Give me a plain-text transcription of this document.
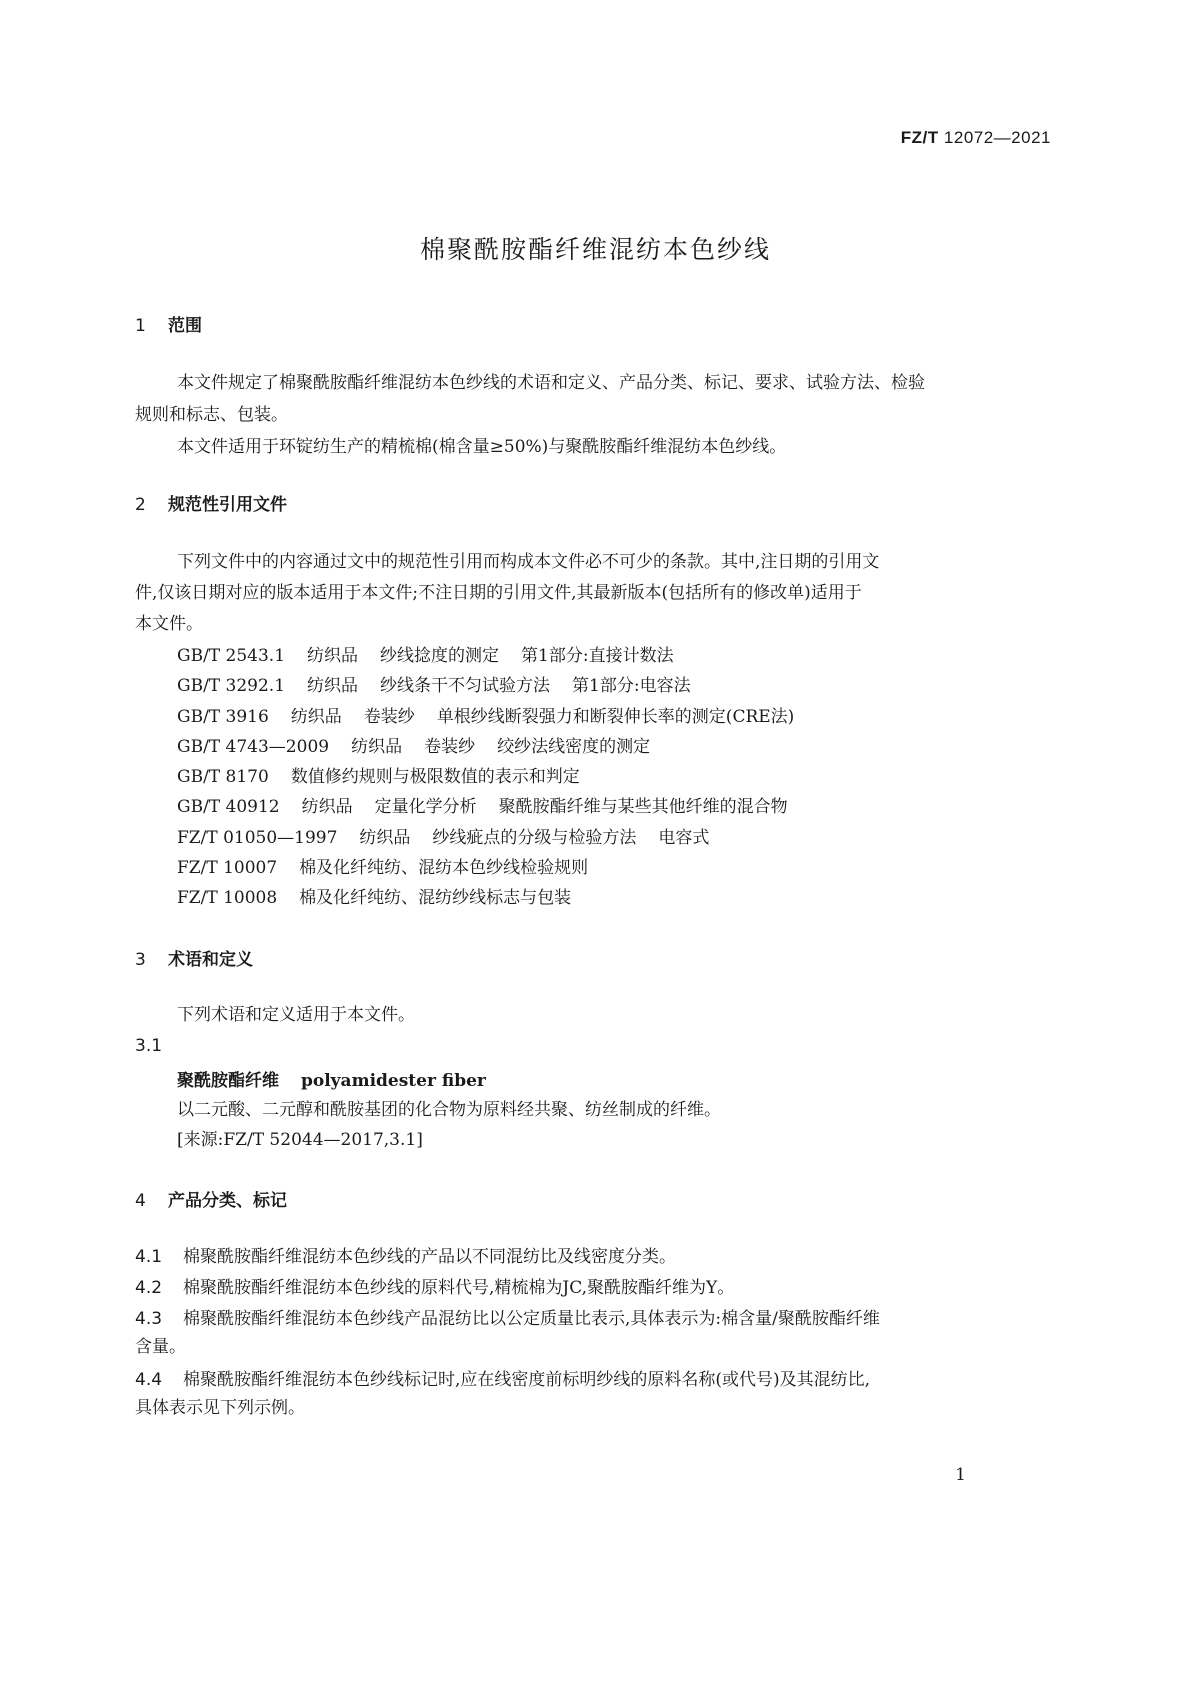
FZ/T 12072—2021
棉聚酰胺酯纤维混纺本色纱线
1 范围
本文件规定了棉聚酰胺酯纤维混纺本色纱线的术语和定义、产品分类、标记、要求、试验方法、检验
规则和标志、包装。
本文件适用于环锭纺生产的精梳棉(棉含量≥50%)与聚酰胺酯纤维混纺本色纱线。
2 规范性引用文件
下列文件中的内容通过文中的规范性引用而构成本文件必不可少的条款。其中,注日期的引用文
件,仅该日期对应的版本适用于本文件;不注日期的引用文件,其最新版本(包括所有的修改单)适用于
本文件。
GB/T 2543.1 纺织品 纱线捻度的测定 第1部分:直接计数法
GB/T 3292.1 纺织品 纱线条干不匀试验方法 第1部分:电容法
GB/T 3916 纺织品 卷装纱 单根纱线断裂强力和断裂伸长率的测定(CRE法)
GB/T 4743—2009 纺织品 卷装纱 绞纱法线密度的测定
GB/T 8170 数值修约规则与极限数值的表示和判定
GB/T 40912 纺织品 定量化学分析 聚酰胺酯纤维与某些其他纤维的混合物
FZ/T 01050—1997 纺织品 纱线疵点的分级与检验方法 电容式
FZ/T 10007 棉及化纤纯纺、混纺本色纱线检验规则
FZ/T 10008 棉及化纤纯纺、混纺纱线标志与包装
3 术语和定义
下列术语和定义适用于本文件。
3.1
聚酰胺酯纤维 polyamidester fiber
以二元酸、二元醇和酰胺基团的化合物为原料经共聚、纺丝制成的纤维。
[来源:FZ/T 52044—2017,3.1]
4 产品分类、标记
4.1 棉聚酰胺酯纤维混纺本色纱线的产品以不同混纺比及线密度分类。
4.2 棉聚酰胺酯纤维混纺本色纱线的原料代号,精梳棉为JC,聚酰胺酯纤维为Y。
4.3 棉聚酰胺酯纤维混纺本色纱线产品混纺比以公定质量比表示,具体表示为:棉含量/聚酰胺酯纤维
含量。
4.4 棉聚酰胺酯纤维混纺本色纱线标记时,应在线密度前标明纱线的原料名称(或代号)及其混纺比,
具体表示见下列示例。
1
